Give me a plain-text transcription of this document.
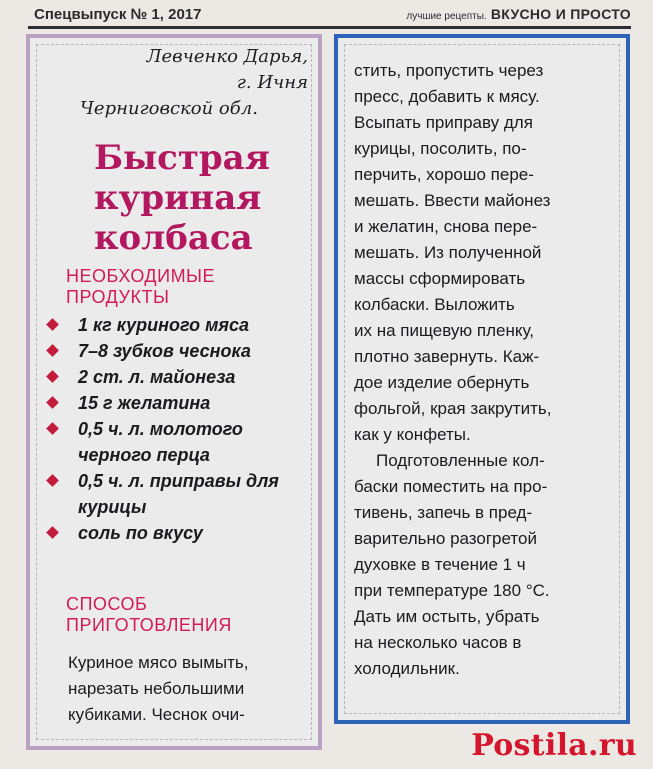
Спецвыпуск № 1, 2017	лучшие рецепты. ВКУСНО И ПРОСТО
Левченко Дарья,
г. Ичня
Черниговской обл.
Быстрая
куриная
колбаса
НЕОБХОДИМЫЕ
ПРОДУКТЫ
1 кг куриного мяса
7–8 зубков чеснока
2 ст. л. майонеза
15 г желатина
0,5 ч. л. молотого черного перца
0,5 ч. л. приправы для курицы
соль по вкусу
СПОСОБ
ПРИГОТОВЛЕНИЯ
Куриное мясо вымыть,
нарезать небольшими
кубиками. Чеснок очи-
стить, пропустить через
пресс, добавить к мясу.
Всыпать приправу для
курицы, посолить, по-
перчить, хорошо пере-
мешать. Ввести майонез
и желатин, снова пере-
мешать. Из полученной
массы сформировать
колбаски. Выложить
их на пищевую пленку,
плотно завернуть. Каж-
дое изделие обернуть
фольгой, края закрутить,
как у конфеты.
Подготовленные кол-
баски поместить на про-
тивень, запечь в пред-
варительно разогретой
духовке в течение 1 ч
при температуре 180 °С.
Дать им остыть, убрать
на несколько часов в
холодильник.
Postila.ru
